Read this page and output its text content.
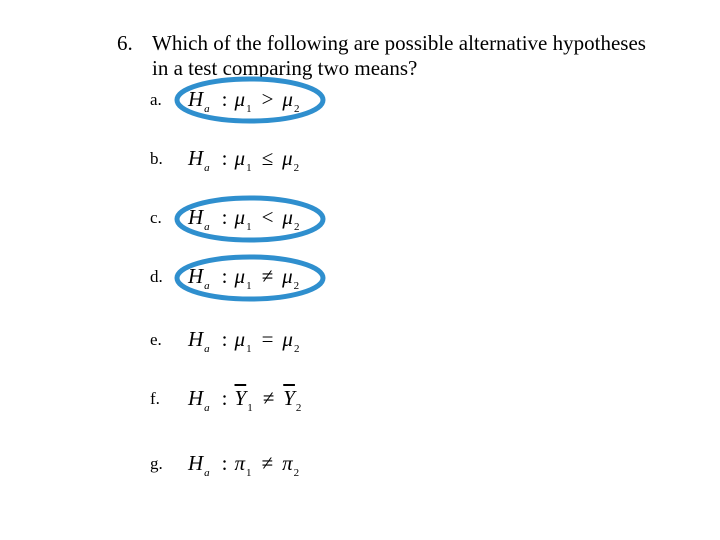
6. Which of the following are possible alternative hypotheses
in a test comparing two means?
a. $H_a$ : $\mu_1 > \mu_2$
b. $H_a$ : $\mu_1 \le \mu_2$
c. $H_a$ : $\mu_1 < \mu_2$
d. $H_a$ : $\mu_1 \ne \mu_2$
e. $H_a$ : $\mu_1 = \mu_2$
f. $H_a$ : $\overline{Y}_1 \ne \overline{Y}_2$
g. $H_a$ : $\pi_1 \ne \pi_2$
